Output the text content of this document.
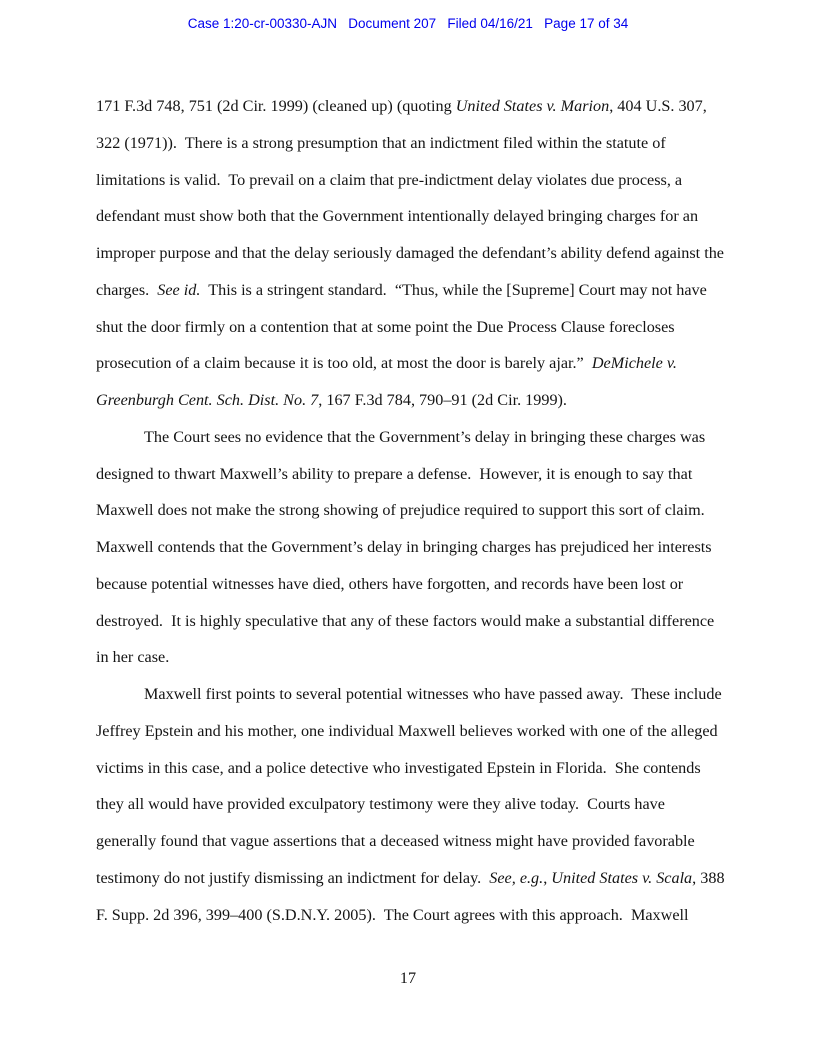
Case 1:20-cr-00330-AJN   Document 207   Filed 04/16/21   Page 17 of 34
171 F.3d 748, 751 (2d Cir. 1999) (cleaned up) (quoting United States v. Marion, 404 U.S. 307,
322 (1971)).  There is a strong presumption that an indictment filed within the statute of
limitations is valid.  To prevail on a claim that pre-indictment delay violates due process, a
defendant must show both that the Government intentionally delayed bringing charges for an
improper purpose and that the delay seriously damaged the defendant’s ability defend against the
charges.  See id.  This is a stringent standard.  “Thus, while the [Supreme] Court may not have
shut the door firmly on a contention that at some point the Due Process Clause forecloses
prosecution of a claim because it is too old, at most the door is barely ajar.”  DeMichele v.
Greenburgh Cent. Sch. Dist. No. 7, 167 F.3d 784, 790–91 (2d Cir. 1999).
The Court sees no evidence that the Government’s delay in bringing these charges was
designed to thwart Maxwell’s ability to prepare a defense.  However, it is enough to say that
Maxwell does not make the strong showing of prejudice required to support this sort of claim.
Maxwell contends that the Government’s delay in bringing charges has prejudiced her interests
because potential witnesses have died, others have forgotten, and records have been lost or
destroyed.  It is highly speculative that any of these factors would make a substantial difference
in her case.
Maxwell first points to several potential witnesses who have passed away.  These include
Jeffrey Epstein and his mother, one individual Maxwell believes worked with one of the alleged
victims in this case, and a police detective who investigated Epstein in Florida.  She contends
they all would have provided exculpatory testimony were they alive today.  Courts have
generally found that vague assertions that a deceased witness might have provided favorable
testimony do not justify dismissing an indictment for delay.  See, e.g., United States v. Scala, 388
F. Supp. 2d 396, 399–400 (S.D.N.Y. 2005).  The Court agrees with this approach.  Maxwell
17
